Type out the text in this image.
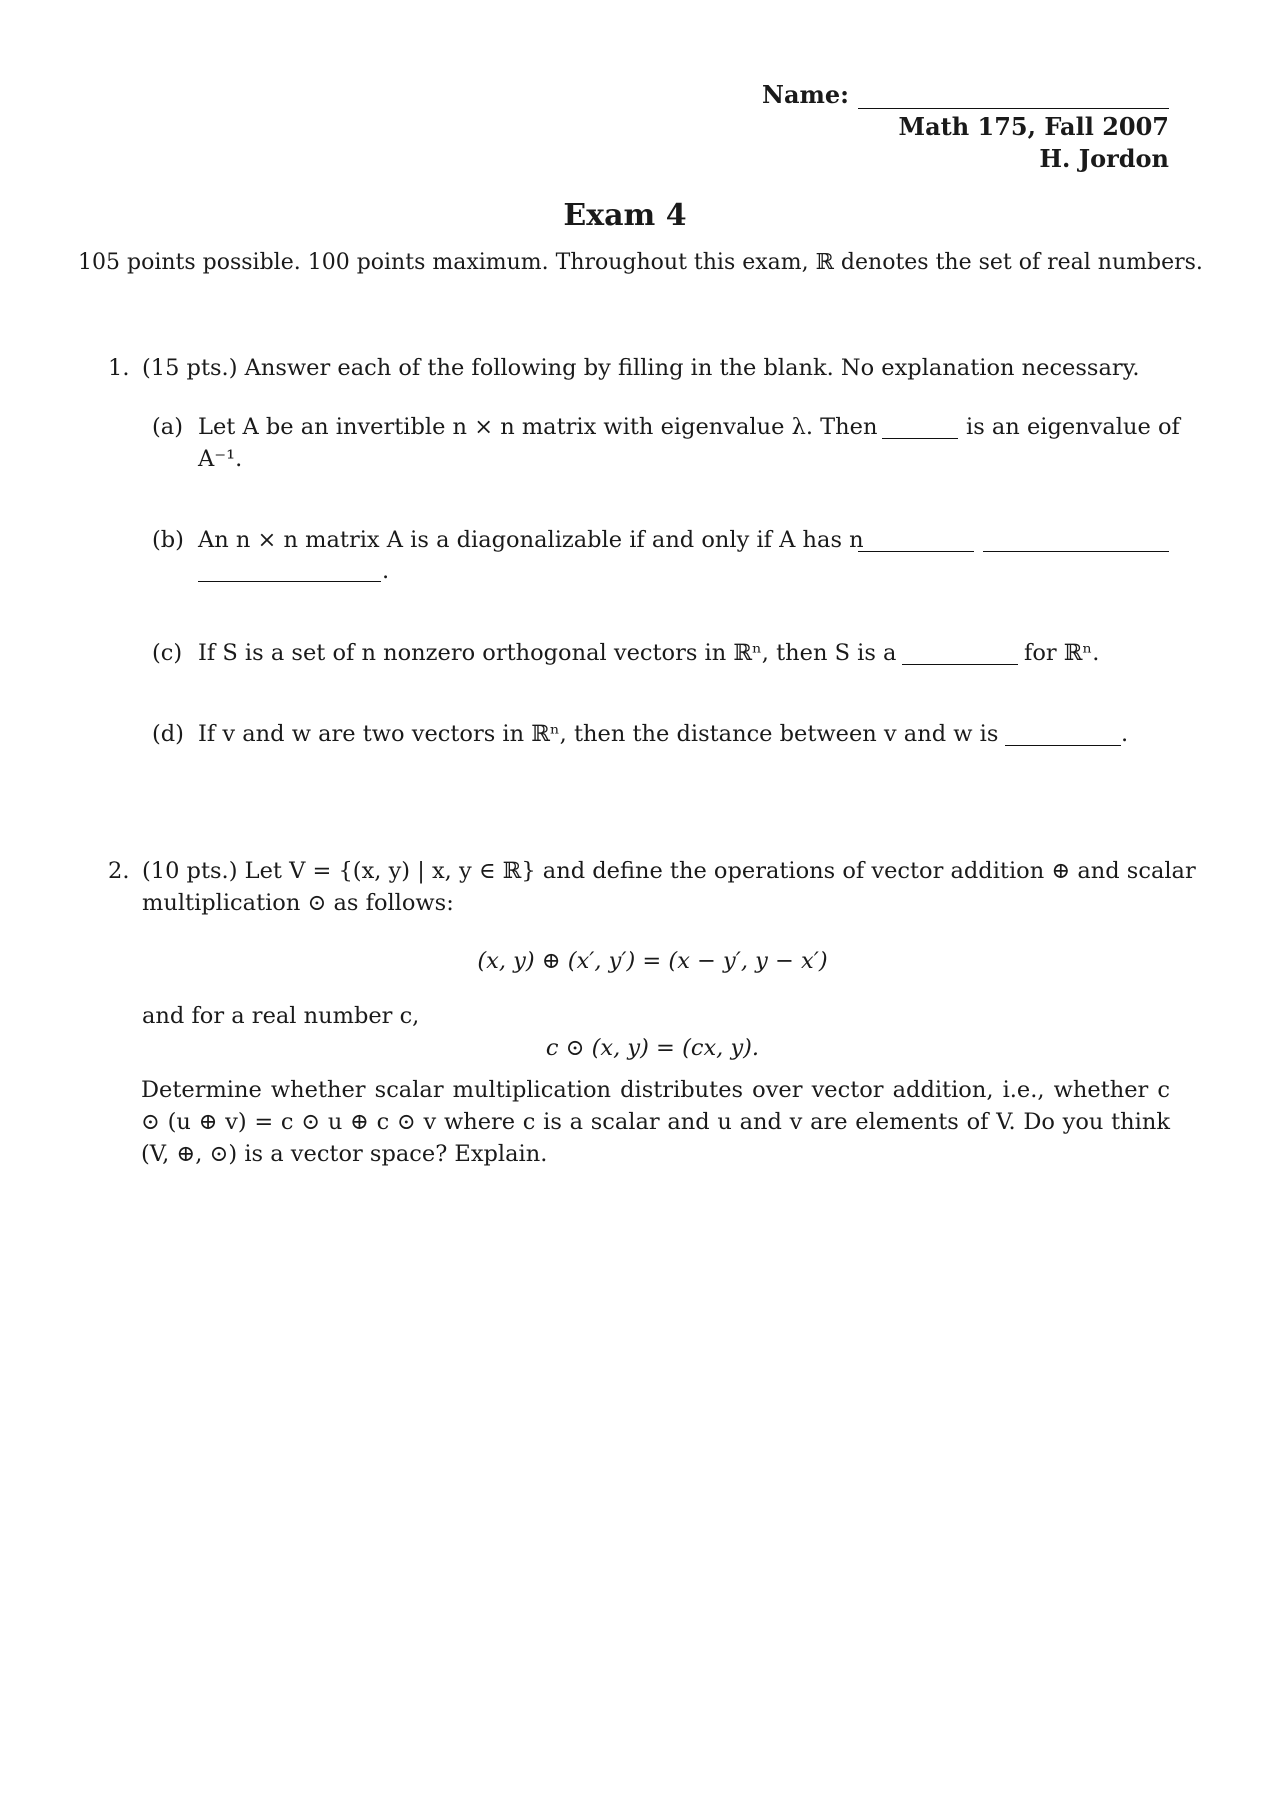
Name:
Math 175, Fall 2007
H. Jordon
Exam 4
105 points possible. 100 points maximum. Throughout this exam, ℝ denotes the set of real numbers.
1. (15 pts.) Answer each of the following by filling in the blank. No explanation necessary.
(a) Let A be an invertible n × n matrix with eigenvalue λ. Then	is an eigenvalue of
A⁻¹.
(b) An n × n matrix A is a diagonalizable if and only if A has n
.
(c) If S is a set of n nonzero orthogonal vectors in ℝⁿ, then S is a	for ℝⁿ.
(d) If v and w are two vectors in ℝⁿ, then the distance between v and w is	.
2. (10 pts.) Let V = {(x, y) | x, y ∈ ℝ} and define the operations of vector addition ⊕ and scalar
multiplication ⊙ as follows:
(x, y) ⊕ (x′, y′) = (x − y′, y − x′)
and for a real number c,
c ⊙ (x, y) = (cx, y).
Determine whether scalar multiplication distributes over vector addition, i.e., whether c ⊙ (u ⊕ v) = c ⊙ u ⊕ c ⊙ v where c is a scalar and u and v are elements of V. Do you think (V, ⊕, ⊙) is a vector space? Explain.
